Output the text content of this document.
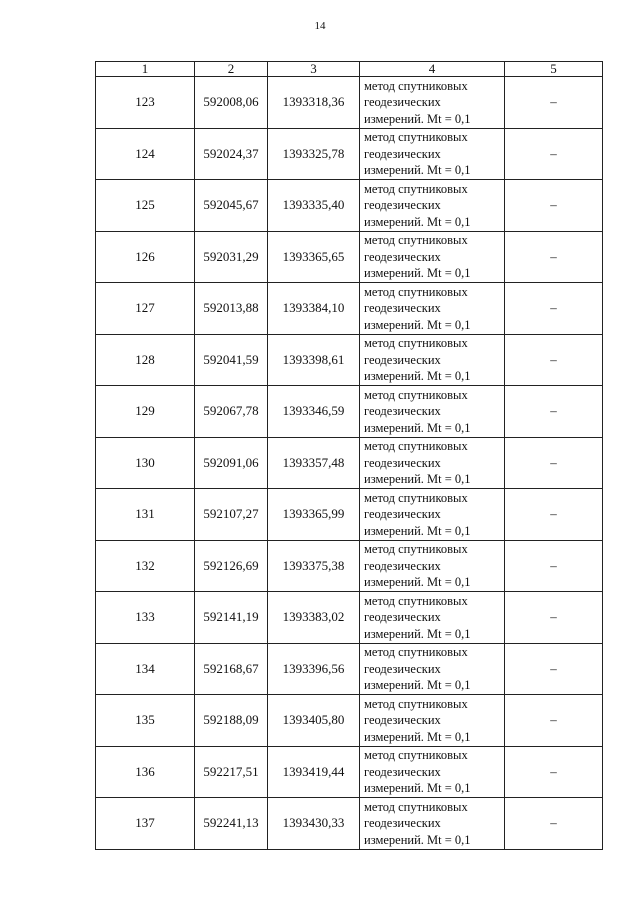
14
1	2	3	4	5
123	592008,06	1393318,36	метод спутниковых
геодезических
измерений. Mt = 0,1	–
124	592024,37	1393325,78	метод спутниковых
геодезических
измерений. Mt = 0,1	–
125	592045,67	1393335,40	метод спутниковых
геодезических
измерений. Mt = 0,1	–
126	592031,29	1393365,65	метод спутниковых
геодезических
измерений. Mt = 0,1	–
127	592013,88	1393384,10	метод спутниковых
геодезических
измерений. Mt = 0,1	–
128	592041,59	1393398,61	метод спутниковых
геодезических
измерений. Mt = 0,1	–
129	592067,78	1393346,59	метод спутниковых
геодезических
измерений. Mt = 0,1	–
130	592091,06	1393357,48	метод спутниковых
геодезических
измерений. Mt = 0,1	–
131	592107,27	1393365,99	метод спутниковых
геодезических
измерений. Mt = 0,1	–
132	592126,69	1393375,38	метод спутниковых
геодезических
измерений. Mt = 0,1	–
133	592141,19	1393383,02	метод спутниковых
геодезических
измерений. Mt = 0,1	–
134	592168,67	1393396,56	метод спутниковых
геодезических
измерений. Mt = 0,1	–
135	592188,09	1393405,80	метод спутниковых
геодезических
измерений. Mt = 0,1	–
136	592217,51	1393419,44	метод спутниковых
геодезических
измерений. Mt = 0,1	–
137	592241,13	1393430,33	метод спутниковых
геодезических
измерений. Mt = 0,1	–
